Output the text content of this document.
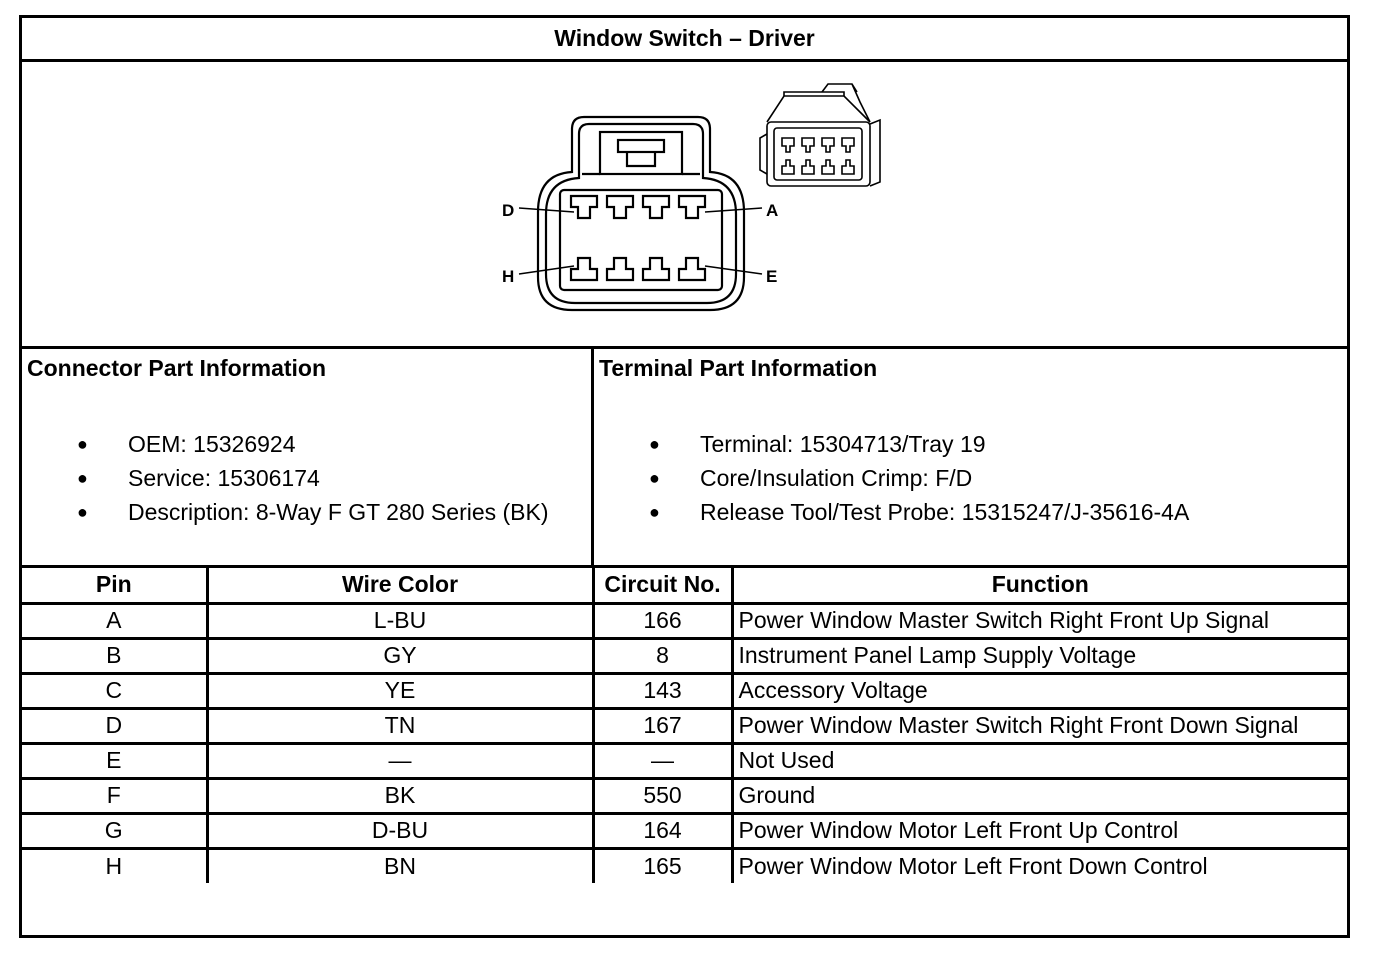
Window Switch – Driver
D	A
H	E
Connector Part Information
● OEM: 15326924
● Service: 15306174
● Description: 8-Way F GT 280 Series (BK)
Terminal Part Information
● Terminal: 15304713/Tray 19
● Core/Insulation Crimp: F/D
● Release Tool/Test Probe: 15315247/J-35616-4A
Pin	Wire Color	Circuit No.	Function
A	L-BU	166	Power Window Master Switch Right Front Up Signal
B	GY	8	Instrument Panel Lamp Supply Voltage
C	YE	143	Accessory Voltage
D	TN	167	Power Window Master Switch Right Front Down Signal
E	—	—	Not Used
F	BK	550	Ground
G	D-BU	164	Power Window Motor Left Front Up Control
H	BN	165	Power Window Motor Left Front Down Control
